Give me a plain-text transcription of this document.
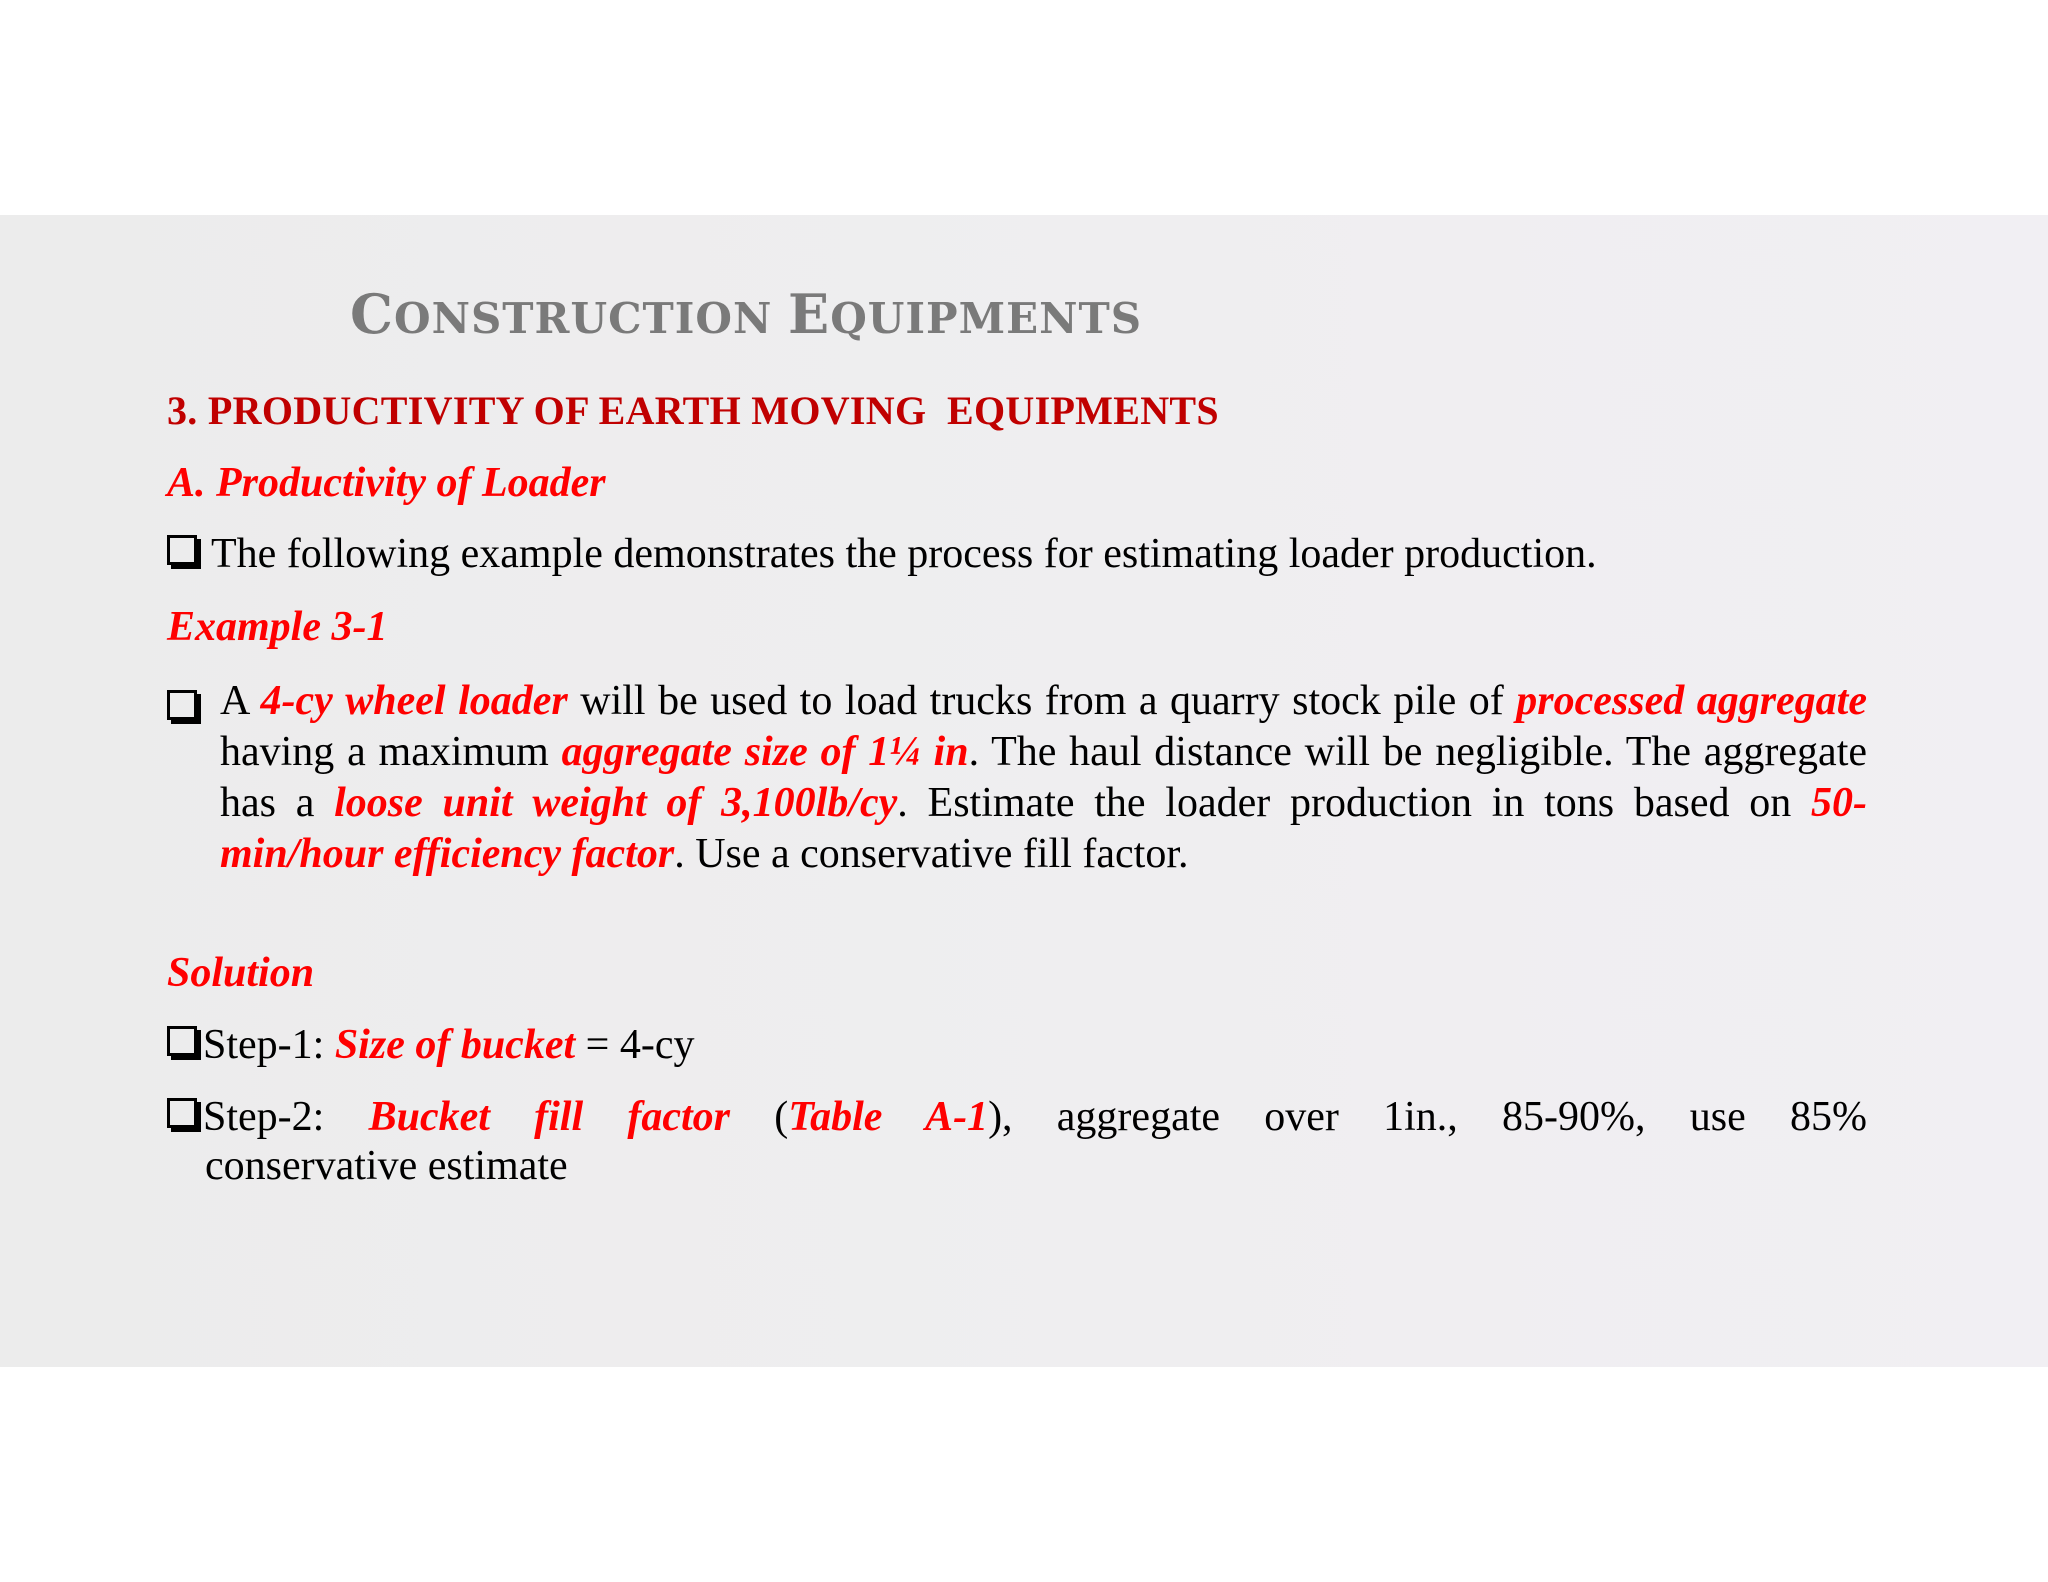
CONSTRUCTION EQUIPMENTS
3. PRODUCTIVITY OF EARTH MOVING  EQUIPMENTS
A. Productivity of Loader
The following example demonstrates the process for estimating loader production.
Example 3-1
A 4-cy wheel loader will be used to load trucks from a quarry stock pile of processed aggregate having a maximum aggregate size of 1¼ in. The haul distance will be negligible. The aggregate has a loose unit weight of 3,100lb/cy. Estimate the loader production in tons based on 50-min/hour efficiency factor. Use a conservative fill factor.
Solution
Step-1: Size of bucket = 4-cy
Step-2: Bucket fill factor (Table A-1), aggregate over 1in., 85-90%, use 85%
conservative estimate
